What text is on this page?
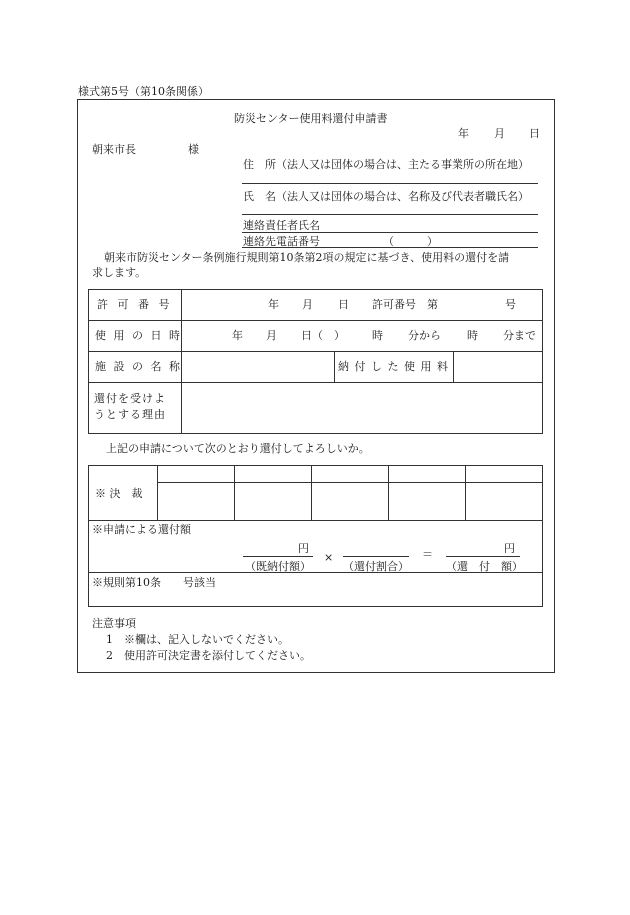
様式第5号（第10条関係）
防災センター使用料還付申請書
年 月 日
朝来市長	様
住　所（法人又は団体の場合は、主たる事業所の所在地）
氏　名（法人又は団体の場合は、名称及び代表者職氏名）
連絡責任者氏名
連絡先電話番号	（　　　）
朝来市防災センター条例施行規則第10条第2項の規定に基づき、使用料の還付を請
求します。
許 可 番 号	年 月 日 許可番号　第	号
使 用 の 日 時	年 月 日（　） 時 分から 時 分まで
施 設 の 名 称	納 付 し た 使 用 料
還付を受けよ
うとする理由
上記の申請について次のとおり還付してよろしいか。
※ 決　裁
※申請による還付額
円
（既納付額）
×
（還付割合）
＝	円
（還　付　額）
※規則第10条　　号該当
注意事項
1　※欄は、記入しないでください。
2　使用許可決定書を添付してください。
